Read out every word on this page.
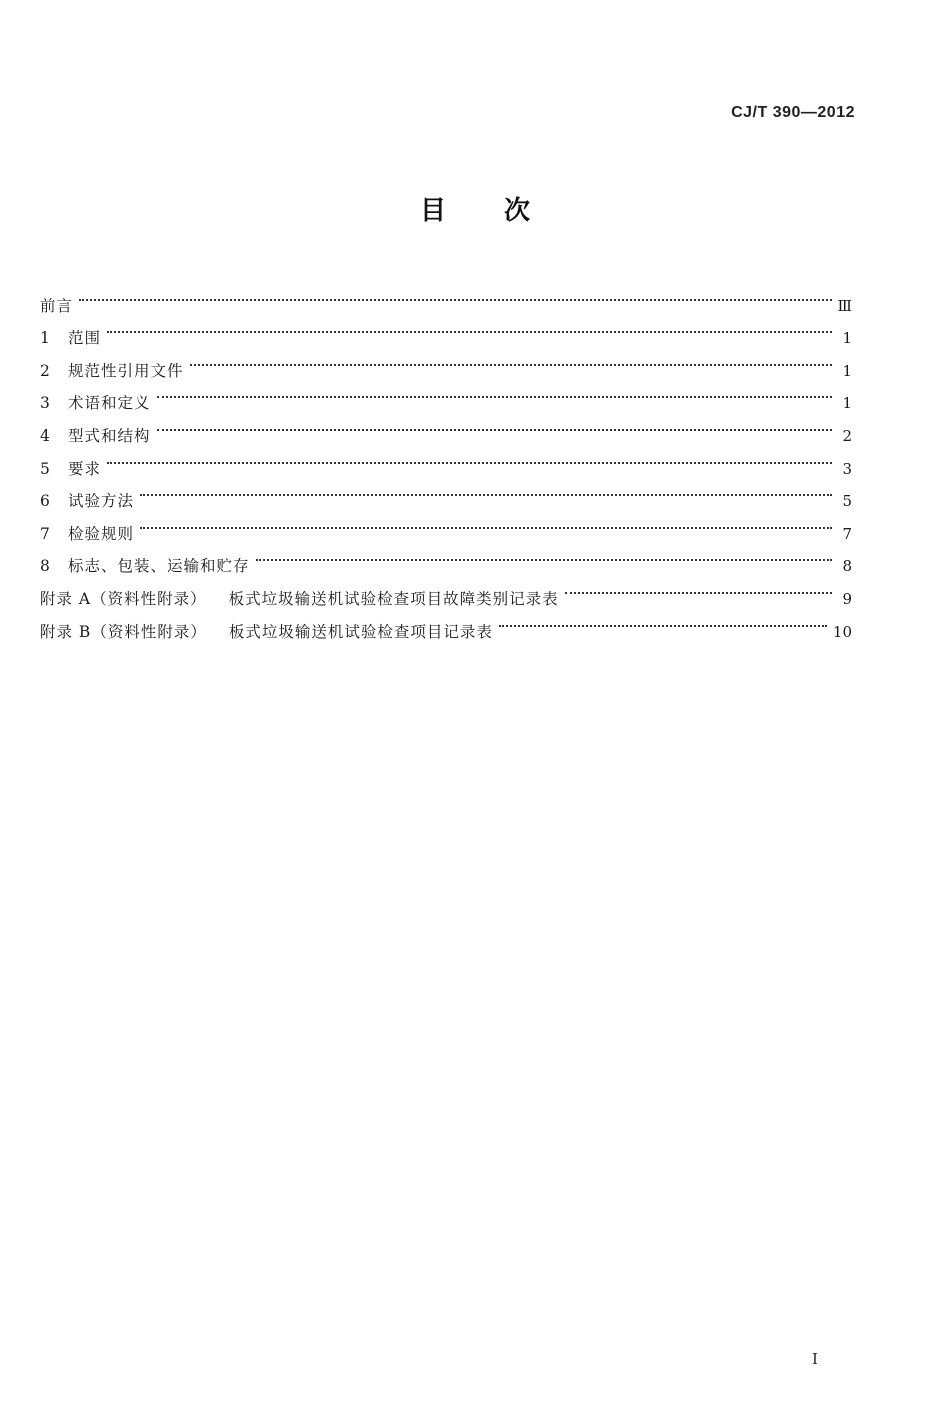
CJ/T 390—2012
目次
前言	Ⅲ
1	范围	1
2	规范性引用文件	1
3	术语和定义	1
4	型式和结构	2
5	要求	3
6	试验方法	5
7	检验规则	7
8	标志、包装、运输和贮存	8
附录 A（资料性附录） 板式垃圾输送机试验检查项目故障类别记录表	9
附录 B（资料性附录） 板式垃圾输送机试验检查项目记录表	10
I
